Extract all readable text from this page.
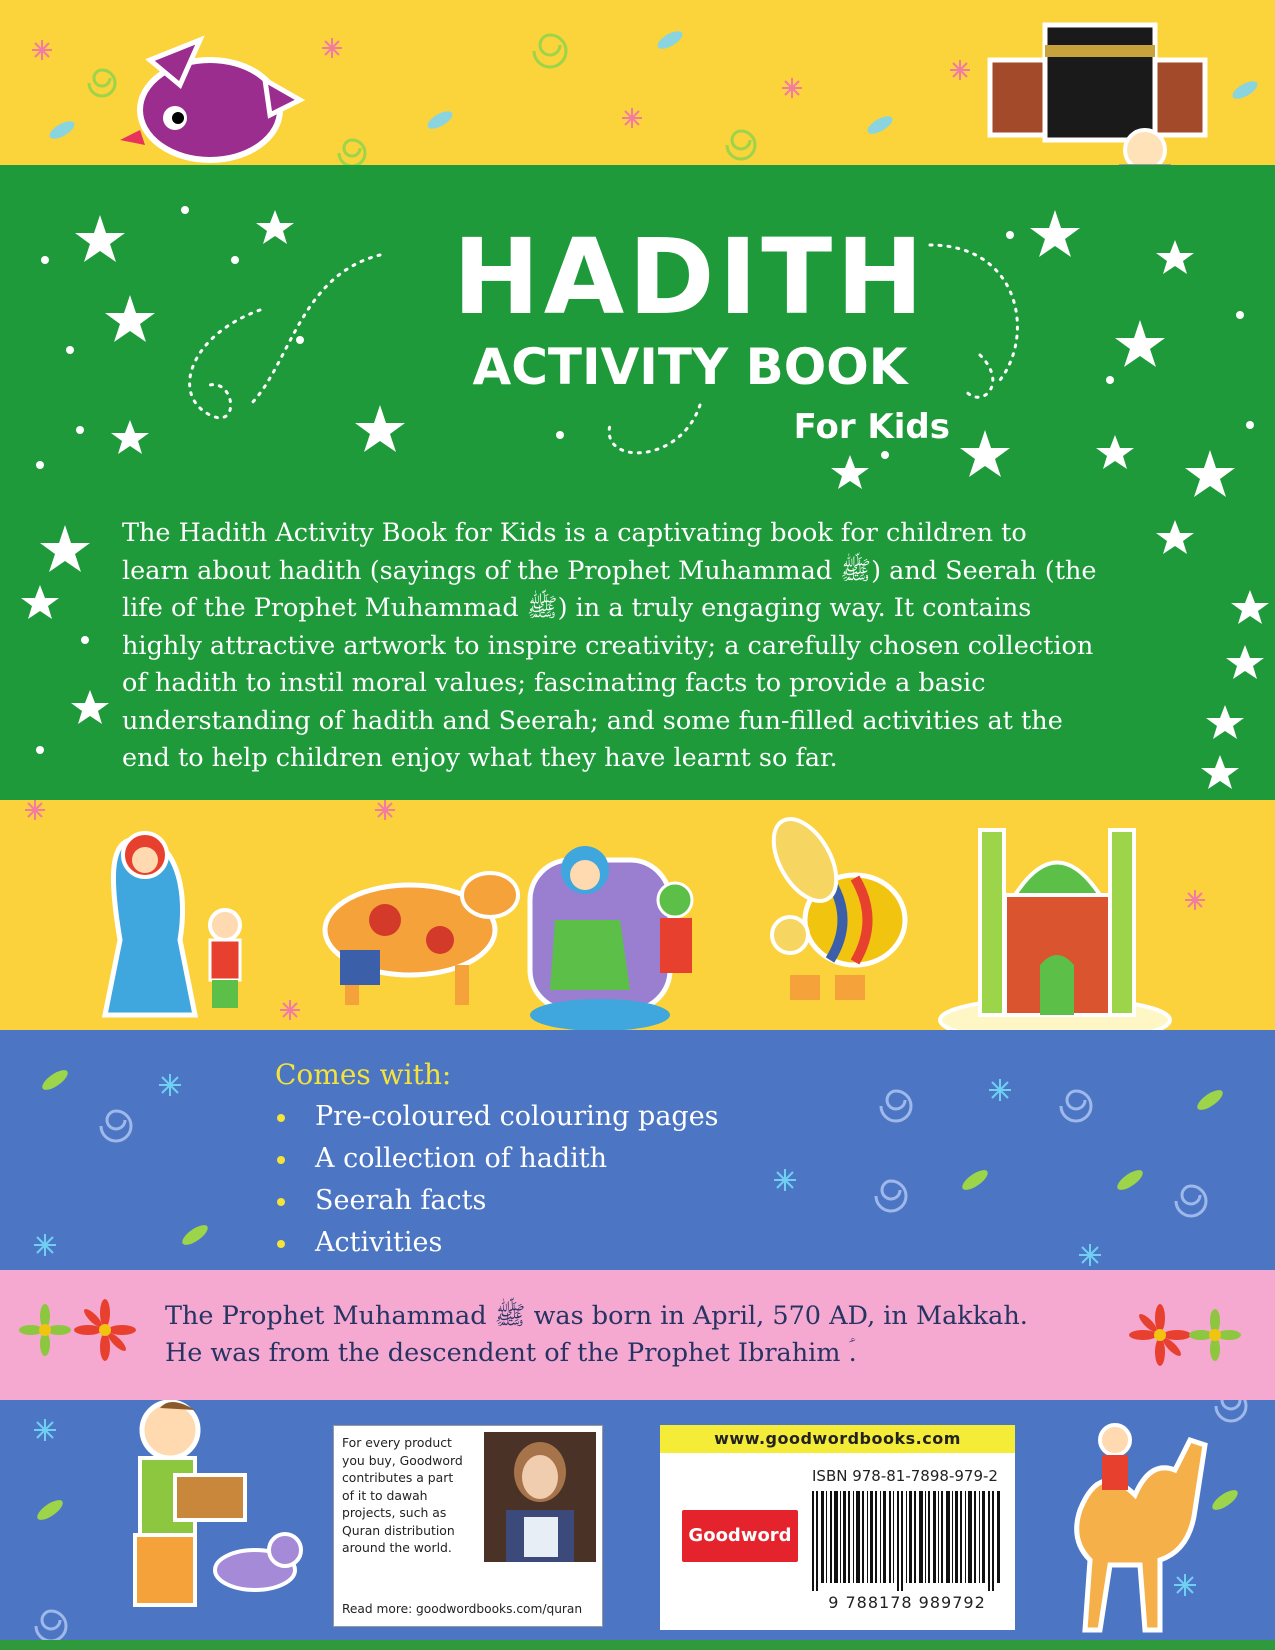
HADITH
ACTIVITY BOOK
For Kids

The Hadith Activity Book for Kids is a captivating book for children to

learn about hadith (sayings of the Prophet Muhammad ﷺ) and Seerah (the

life of the Prophet Muhammad ﷺ) in a truly engaging way. It contains

highly attractive artwork to inspire creativity; a carefully chosen collection

of hadith to instil moral values; fascinating facts to provide a basic

understanding of hadith and Seerah; and some fun-filled activities at the

end to help children enjoy what they have learnt so far.

Comes with:
Pre-coloured colouring pages
A collection of hadith
Seerah facts
Activities

The Prophet Muhammad ﷺ was born in April, 570 AD, in Makkah.

He was from the descendent of the Prophet Ibrahim ؑ.

For every product
you buy, Goodword
contributes a part
of it to dawah
projects, such as
Quran distribution
around the world.
Read more: goodwordbooks.com/quran
www.goodwordbooks.com
ISBN 978-81-7898-979-2
Goodword
9 788178 989792
